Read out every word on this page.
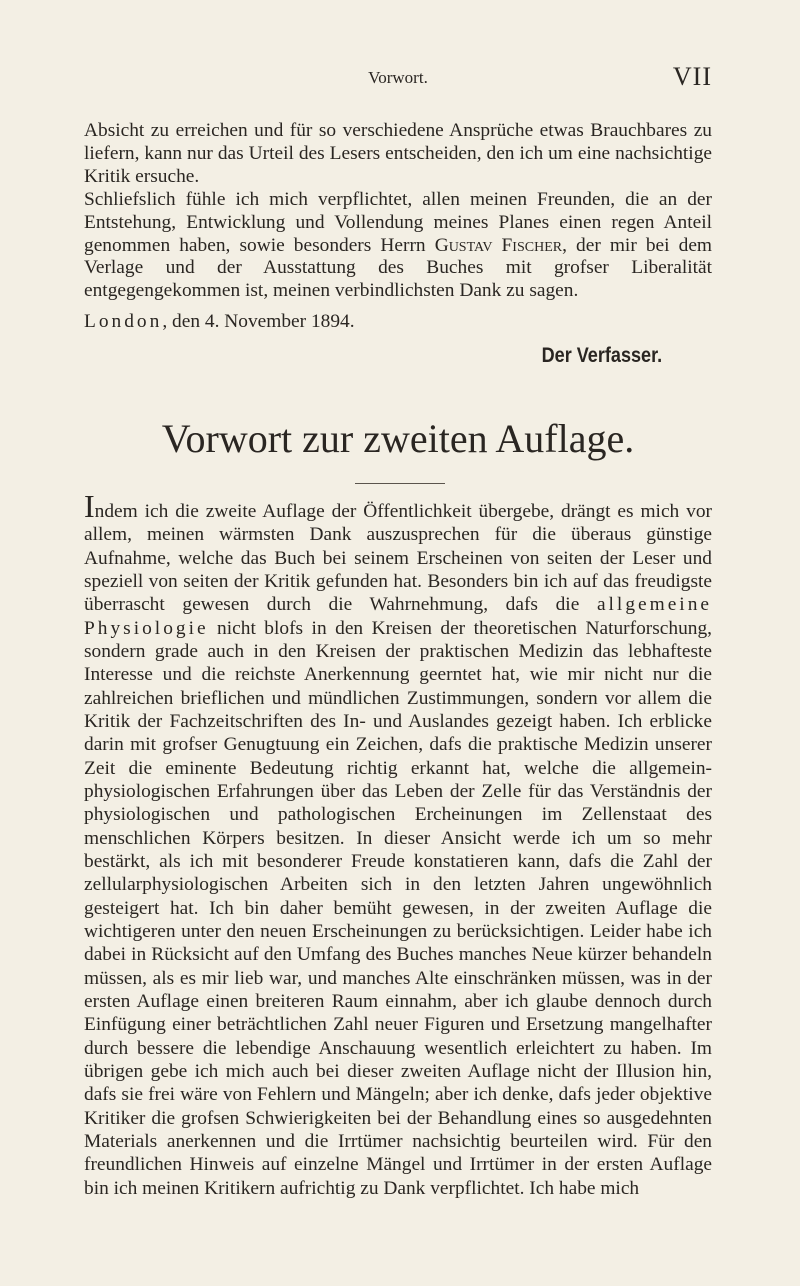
Vorwort.	VII

Absicht zu erreichen und für so verschiedene Ansprüche etwas Brauchbares zu liefern, kann nur das Urteil des Lesers entscheiden, den ich um eine nachsichtige Kritik ersuche.

Schliefslich fühle ich mich verpflichtet, allen meinen Freunden, die an der Entstehung, Entwicklung und Vollendung meines Planes einen regen Anteil genommen haben, sowie besonders Herrn Gustav Fischer, der mir bei dem Verlage und der Ausstattung des Buches mit grofser Liberalität entgegengekommen ist, meinen verbindlichsten Dank zu sagen.

London, den 4. November 1894.

Der Verfasser.
Vorwort zur zweiten Auflage.

Indem ich die zweite Auflage der Öffentlichkeit übergebe, drängt es mich vor allem, meinen wärmsten Dank auszusprechen für die überaus günstige Aufnahme, welche das Buch bei seinem Erscheinen von seiten der Leser und speziell von seiten der Kritik gefunden hat. Besonders bin ich auf das freudigste überrascht gewesen durch die Wahrnehmung, dafs die allgemeine Physiologie nicht blofs in den Kreisen der theoretischen Naturforschung, sondern grade auch in den Kreisen der praktischen Medizin das lebhafteste Interesse und die reichste Anerkennung geerntet hat, wie mir nicht nur die zahlreichen brieflichen und mündlichen Zustimmungen, sondern vor allem die Kritik der Fachzeitschriften des In- und Auslandes gezeigt haben. Ich erblicke darin mit grofser Genugtuung ein Zeichen, dafs die praktische Medizin unserer Zeit die eminente Bedeutung richtig erkannt hat, welche die allgemein-physiologischen Erfahrungen über das Leben der Zelle für das Verständnis der physiologischen und pathologischen Ercheinungen im Zellenstaat des menschlichen Körpers besitzen. In dieser Ansicht werde ich um so mehr bestärkt, als ich mit besonderer Freude konstatieren kann, dafs die Zahl der zellularphysiologischen Arbeiten sich in den letzten Jahren ungewöhnlich gesteigert hat. Ich bin daher bemüht gewesen, in der zweiten Auflage die wichtigeren unter den neuen Erscheinungen zu berücksichtigen. Leider habe ich dabei in Rücksicht auf den Umfang des Buches manches Neue kürzer behandeln müssen, als es mir lieb war, und manches Alte einschränken müssen, was in der ersten Auflage einen breiteren Raum einnahm, aber ich glaube dennoch durch Einfügung einer beträchtlichen Zahl neuer Figuren und Ersetzung mangelhafter durch bessere die lebendige Anschauung wesentlich erleichtert zu haben. Im übrigen gebe ich mich auch bei dieser zweiten Auflage nicht der Illusion hin, dafs sie frei wäre von Fehlern und Mängeln; aber ich denke, dafs jeder objektive Kritiker die grofsen Schwierigkeiten bei der Behandlung eines so ausgedehnten Materials anerkennen und die Irrtümer nachsichtig beurteilen wird. Für den freundlichen Hinweis auf einzelne Mängel und Irrtümer in der ersten Auflage bin ich meinen Kritikern aufrichtig zu Dank verpflichtet. Ich habe mich
